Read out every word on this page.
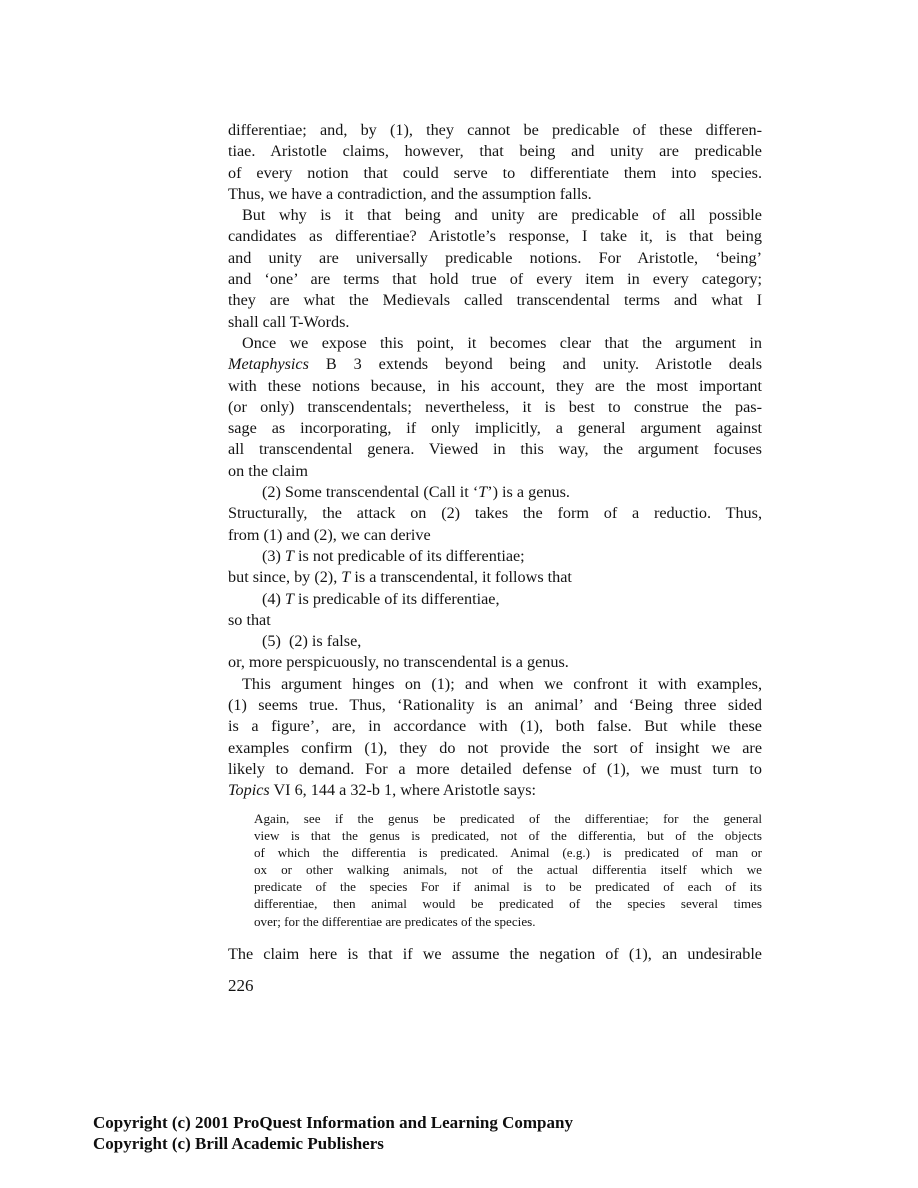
differentiae; and, by (1), they cannot be predicable of these differen-
tiae. Aristotle claims, however, that being and unity are predicable
of every notion that could serve to differentiate them into species.
Thus, we have a contradiction, and the assumption falls.
But why is it that being and unity are predicable of all possible
candidates as differentiae? Aristotle’s response, I take it, is that being
and unity are universally predicable notions. For Aristotle, ‘being’
and ‘one’ are terms that hold true of every item in every category;
they are what the Medievals called transcendental terms and what I
shall call T-Words.
Once we expose this point, it becomes clear that the argument in
Metaphysics B 3 extends beyond being and unity. Aristotle deals
with these notions because, in his account, they are the most important
(or only) transcendentals; nevertheless, it is best to construe the pas-
sage as incorporating, if only implicitly, a general argument against
all transcendental genera. Viewed in this way, the argument focuses
on the claim
(2) Some transcendental (Call it ‘T’) is a genus.
Structurally, the attack on (2) takes the form of a reductio. Thus,
from (1) and (2), we can derive
(3) T is not predicable of its differentiae;
but since, by (2), T is a transcendental, it follows that
(4) T is predicable of its differentiae,
so that
(5) (2) is false,
or, more perspicuously, no transcendental is a genus.
This argument hinges on (1); and when we confront it with examples,
(1) seems true. Thus, ‘Rationality is an animal’ and ‘Being three sided
is a figure’, are, in accordance with (1), both false. But while these
examples confirm (1), they do not provide the sort of insight we are
likely to demand. For a more detailed defense of (1), we must turn to
Topics VI 6, 144 a 32-b 1, where Aristotle says:
Again, see if the genus be predicated of the differentiae; for the general
view is that the genus is predicated, not of the differentia, but of the objects
of which the differentia is predicated. Animal (e.g.) is predicated of man or
ox or other walking animals, not of the actual differentia itself which we
predicate of the species For if animal is to be predicated of each of its
differentiae, then animal would be predicated of the species several times
over; for the differentiae are predicates of the species.
The claim here is that if we assume the negation of (1), an undesirable
226
Copyright (c) 2001 ProQuest Information and Learning Company
Copyright (c) Brill Academic Publishers
